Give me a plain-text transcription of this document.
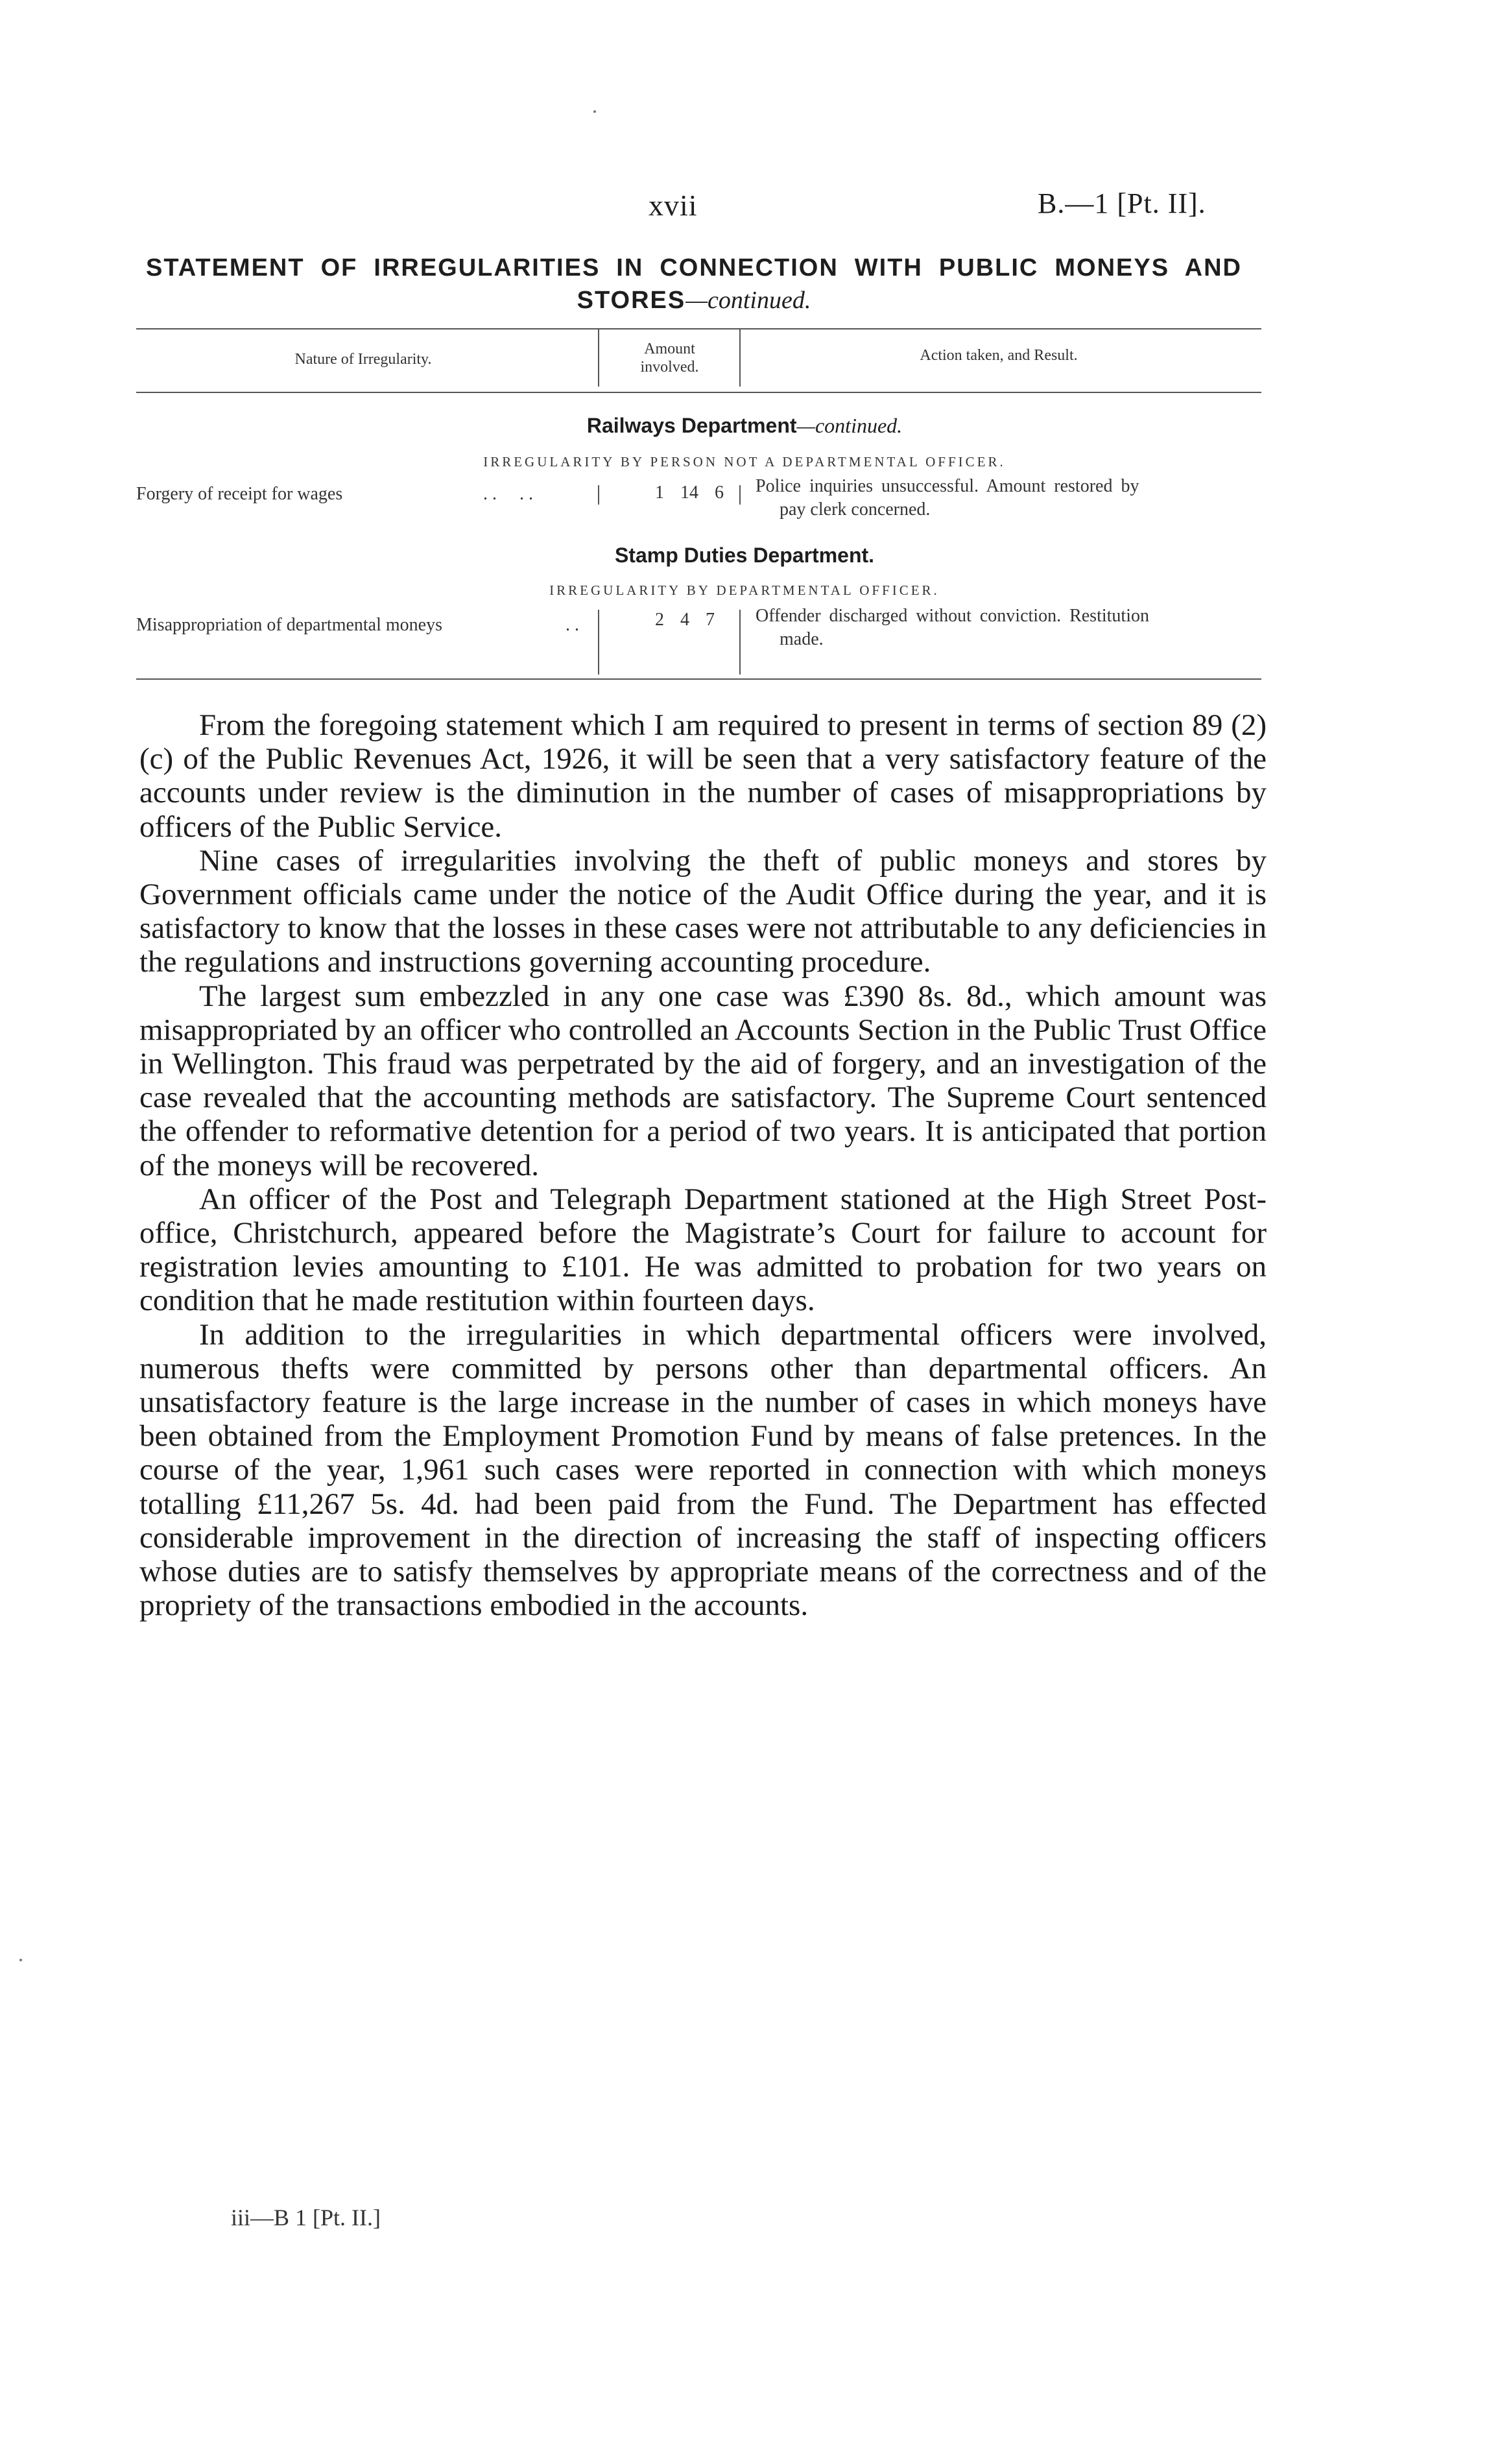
xvii	B.—1 [Pt. II].
STATEMENT OF IRREGULARITIES IN CONNECTION WITH PUBLIC MONEYS AND STORES—continued.
Nature of Irregularity.
Amount
involved.
Action taken, and Result.
Railways Department—continued.
IRREGULARITY BY PERSON NOT A DEPARTMENTAL OFFICER.
Forgery of receipt for wages	. .     . .	1 14 6 Police inquiries unsuccessful. Amount restored by
pay clerk concerned.
Stamp Duties Department.
IRREGULARITY BY DEPARTMENTAL OFFICER.
Misappropriation of departmental moneys	. .	2 4 7 Offender discharged without conviction. Restitution
made.

From the foregoing statement which I am required to present in terms of section 89 (2) (c) of the Public Revenues Act, 1926, it will be seen that a very satisfactory feature of the accounts under review is the diminution in the number of cases of misappropriations by officers of the Public Service.

Nine cases of irregularities involving the theft of public moneys and stores by Government officials came under the notice of the Audit Office during the year, and it is satisfactory to know that the losses in these cases were not attributable to any deficiencies in the regulations and instructions governing accounting procedure.

The largest sum embezzled in any one case was £390 8s. 8d., which amount was misappropriated by an officer who controlled an Accounts Section in the Public Trust Office in Wellington. This fraud was perpetrated by the aid of forgery, and an investigation of the case revealed that the accounting methods are satisfactory. The Supreme Court sentenced the offender to reformative detention for a period of two years. It is anticipated that portion of the moneys will be recovered.

An officer of the Post and Telegraph Department stationed at the High Street Post-office, Christchurch, appeared before the Magistrate’s Court for failure to account for registration levies amounting to £101. He was admitted to probation for two years on condition that he made restitution within fourteen days.

In addition to the irregularities in which departmental officers were involved, numerous thefts were committed by persons other than departmental officers. An unsatisfactory feature is the large increase in the number of cases in which moneys have been obtained from the Employment Promotion Fund by means of false pretences. In the course of the year, 1,961 such cases were reported in connection with which moneys totalling £11,267 5s. 4d. had been paid from the Fund. The Department has effected considerable improvement in the direction of increasing the staff of inspecting officers whose duties are to satisfy themselves by appropriate means of the correctness and of the propriety of the transactions embodied in the accounts.

iii—B 1 [Pt. II.]
